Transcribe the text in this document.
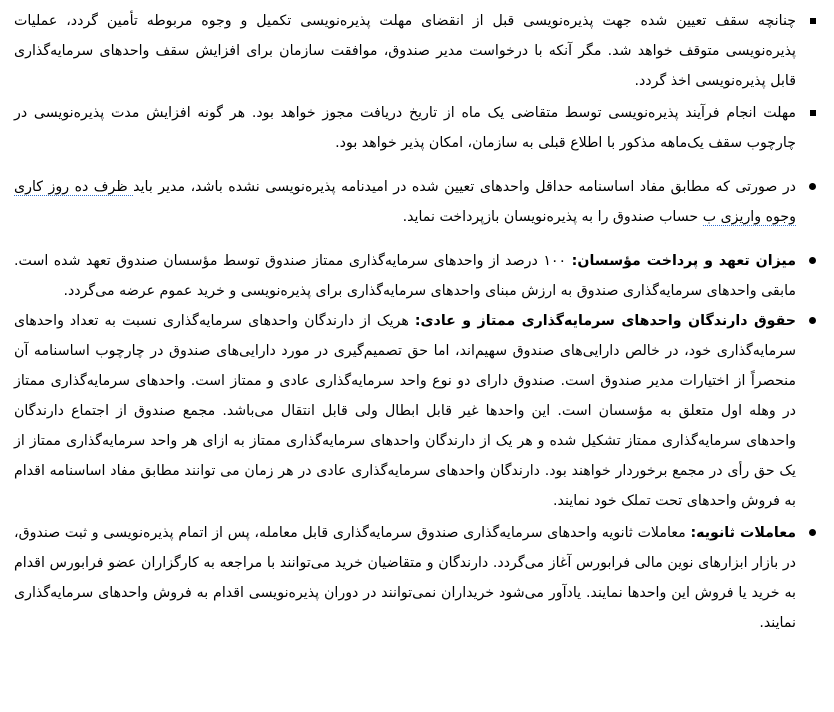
چنانچه سقف تعیین شده جهت پذیره‌نویسی قبل از انقضای مهلت پذیره‌نویسی تکمیل و وجوه مربوطه تأمین گردد، عملیات پذیره‌نویسی متوقف خواهد شد. مگر آنکه با درخواست مدیر صندوق، موافقت سازمان برای افزایش سقف واحدهای سرمایه‌گذاری قابل پذیره‌نویسی اخذ گردد.
مهلت انجام فرآیند پذیره‌نویسی توسط متقاضی یک ماه از تاریخ دریافت مجوز خواهد بود. هر گونه افزایش مدت پذیره‌نویسی در چارچوب سقف یک‌ماهه مذکور با اطلاع قبلی به سازمان، امکان پذیر خواهد بود.
در صورتی که مطابق مفاد اساسنامه حداقل واحدهای تعیین شده در امیدنامه پذیره‌نویسی نشده باشد، مدیر باید ظرف ده روز کاری وجوه واریزی ب حساب صندوق را به پذیره‌نویسان بازپرداخت نماید.
میزان تعهد و پرداخت مؤسسان: ۱۰۰ درصد از واحدهای سرمایه‌گذاری ممتاز صندوق توسط مؤسسان صندوق تعهد شده است. مابقی واحدهای سرمایه‌گذاری صندوق به ارزش مبنای واحدهای سرمایه‌گذاری برای پذیره‌نویسی و خرید عموم عرضه می‌گردد.
حقوق دارندگان واحدهای سرمایه‌گذاری ممتاز و عادی: هریک از دارندگان واحدهای سرمایه‌گذاری نسبت به تعداد واحدهای سرمایه‌گذاری خود، در خالص دارایی‌های صندوق سهیم‌اند، اما حق تصمیم‌گیری در مورد دارایی‌های صندوق در چارچوب اساسنامه آن منحصراً از اختیارات مدیر صندوق است. صندوق دارای دو نوع واحد سرمایه‌گذاری عادی و ممتاز است. واحدهای سرمایه‌گذاری ممتاز در وهله اول متعلق به مؤسسان است. این واحدها غیر قابل ابطال ولی قابل انتقال می‌باشد. مجمع صندوق از اجتماع دارندگان واحدهای سرمایه‌گذاری ممتاز تشکیل شده و هر یک از دارندگان واحدهای سرمایه‌گذاری ممتاز به ازای هر واحد سرمایه‌گذاری ممتاز از یک حق رأی در مجمع برخوردار خواهند بود. دارندگان واحدهای سرمایه‌گذاری عادی در هر زمان می توانند مطابق مفاد اساسنامه اقدام به فروش واحدهای تحت تملک خود نمایند.
معاملات ثانویه: معاملات ثانویه واحدهای سرمایه‌گذاری صندوق سرمایه‌گذاری قابل معامله، پس از اتمام پذیره‌نویسی و ثبت صندوق، در بازار ابزارهای نوین مالی فرابورس آغاز می‌گردد. دارندگان و متقاضیان خرید می‌توانند با مراجعه به کارگزاران عضو فرابورس اقدام به خرید یا فروش این واحدها نمایند. یادآور می‌شود خریداران نمی‌توانند در دوران پذیره‌نویسی اقدام به فروش واحدهای سرمایه‌گذاری نمایند.
